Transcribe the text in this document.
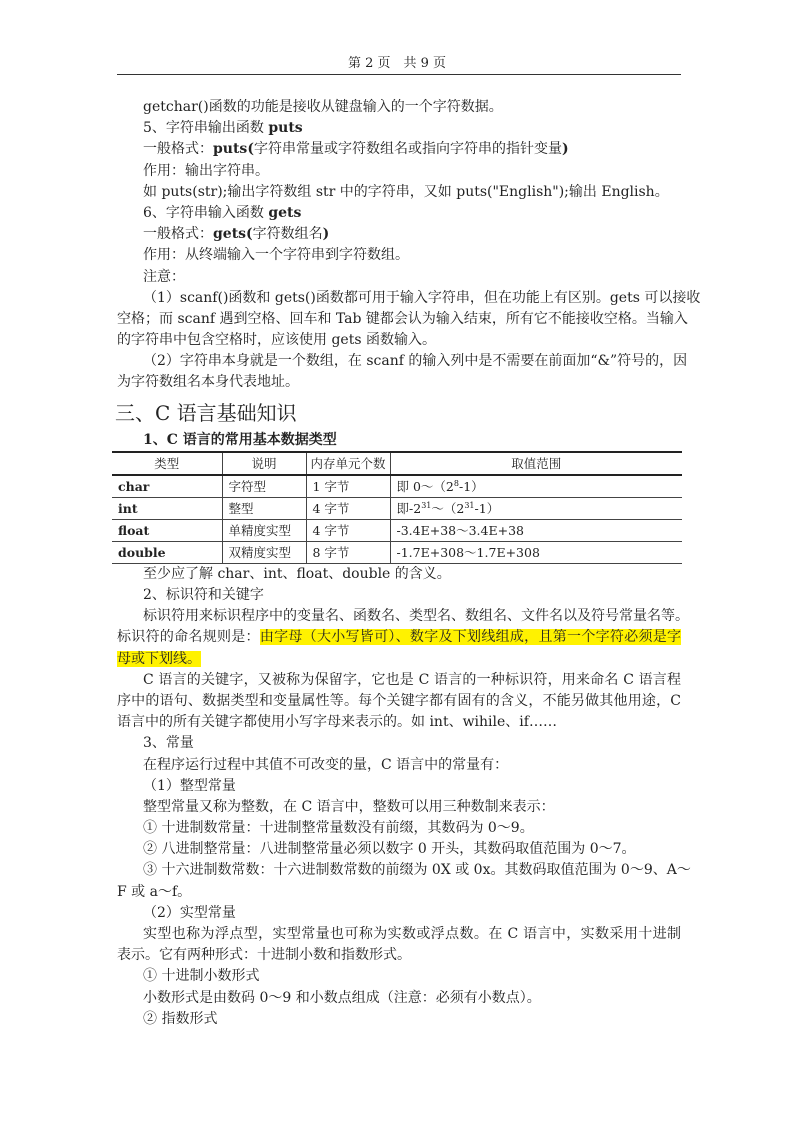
第 2 页　共 9 页
getchar()函数的功能是接收从键盘输入的一个字符数据。
5、字符串输出函数 puts
一般格式：puts(字符串常量或字符数组名或指向字符串的指针变量)
作用：输出字符串。
如 puts(str);输出字符数组 str 中的字符串，又如 puts("English");输出 English。
6、字符串输入函数 gets
一般格式：gets(字符数组名)
作用：从终端输入一个字符串到字符数组。
注意：
（1）scanf()函数和 gets()函数都可用于输入字符串，但在功能上有区别。gets 可以接收
空格；而 scanf 遇到空格、回车和 Tab 键都会认为输入结束，所有它不能接收空格。当输入
的字符串中包含空格时，应该使用 gets 函数输入。
（2）字符串本身就是一个数组，在 scanf 的输入列中是不需要在前面加“&”符号的，因
为字符数组名本身代表地址。
三、C 语言基础知识
1、C 语言的常用基本数据类型
类型	说明	内存单元个数	取值范围
char	字符型	1 字节	即 $0\sim(2^8-1)$
int	整型	4 字节	即$-2^{31}\sim(2^{31}-1)$
float	单精度实型	4 字节	-3.4E+38～3.4E+38
double	双精度实型	8 字节	-1.7E+308～1.7E+308
至少应了解 char、int、float、double 的含义。
2、标识符和关键字
标识符用来标识程序中的变量名、函数名、类型名、数组名、文件名以及符号常量名等。
标识符的命名规则是：由字母（大小写皆可）、数字及下划线组成，且第一个字符必须是字
母或下划线。
C 语言的关键字，又被称为保留字，它也是 C 语言的一种标识符，用来命名 C 语言程
序中的语句、数据类型和变量属性等。每个关键字都有固有的含义，不能另做其他用途，C
语言中的所有关键字都使用小写字母来表示的。如 int、wihile、if……
3、常量
在程序运行过程中其值不可改变的量，C 语言中的常量有：
（1）整型常量
整型常量又称为整数，在 C 语言中，整数可以用三种数制来表示：
① 十进制数常量：十进制整常量数没有前缀，其数码为 0～9。
② 八进制整常量：八进制整常量必须以数字 0 开头，其数码取值范围为 0～7。
③ 十六进制数常数：十六进制数常数的前缀为 0X 或 0x。其数码取值范围为 0～9、A～
F 或 a～f。
（2）实型常量
实型也称为浮点型，实型常量也可称为实数或浮点数。在 C 语言中，实数采用十进制
表示。它有两种形式：十进制小数和指数形式。
① 十进制小数形式
小数形式是由数码 0～9 和小数点组成（注意：必须有小数点）。
② 指数形式
